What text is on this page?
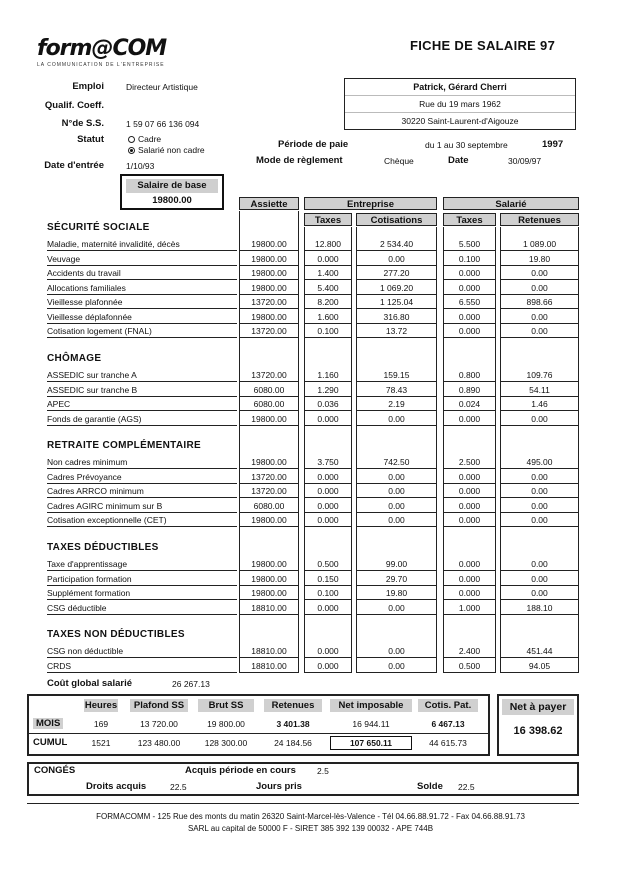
form@COM
LA COMMUNICATION DE L'ENTREPRISE
FICHE DE SALAIRE 97
Emploi	Directeur Artistique
Qualif. Coeff.
N°de S.S.	1 59 07 66 136 094
Statut	Cadre
Salarié non cadre
Date d'entrée	1/10/93
Patrick, Gérard Cherri
Rue du 19 mars 1962
30220 Saint-Laurent-d'Aigouze
Période de paie	du 1 au 30 septembre	1997
Mode de règlement	Chèque	Date	30/09/97
Salaire de base
19800.00	Assiette	Entreprise	Salarié
Taxes	Cotisations	Taxes	Retenues
SÉCURITÉ SOCIALE
Maladie, maternité invalidité, décès	19800.00	12.800	2 534.40	5.500	1 089.00
Veuvage	19800.00	0.000	0.00	0.100	19.80
Accidents du travail	19800.00	1.400	277.20	0.000	0.00
Allocations familiales	19800.00	5.400	1 069.20	0.000	0.00
Vieillesse plafonnée	13720.00	8.200	1 125.04	6.550	898.66
Vieillesse déplafonnée	19800.00	1.600	316.80	0.000	0.00
Cotisation logement (FNAL)	13720.00	0.100	13.72	0.000	0.00
CHÔMAGE
ASSEDIC sur tranche A	13720.00	1.160	159.15	0.800	109.76
ASSEDIC sur tranche B	6080.00	1.290	78.43	0.890	54.11
APEC	6080.00	0.036	2.19	0.024	1.46
Fonds de garantie (AGS)	19800.00	0.000	0.00	0.000	0.00
RETRAITE COMPLÉMENTAIRE
Non cadres minimum	19800.00	3.750	742.50	2.500	495.00
Cadres Prévoyance	13720.00	0.000	0.00	0.000	0.00
Cadres ARRCO minimum	13720.00	0.000	0.00	0.000	0.00
Cadres AGIRC minimum sur B	6080.00	0.000	0.00	0.000	0.00
Cotisation exceptionnelle (CET)	19800.00	0.000	0.00	0.000	0.00
TAXES DÉDUCTIBLES
Taxe d'apprentissage	19800.00	0.500	99.00	0.000	0.00
Participation formation	19800.00	0.150	29.70	0.000	0.00
Supplément formation	19800.00	0.100	19.80	0.000	0.00
CSG déductible	18810.00	0.000	0.00	1.000	188.10
TAXES NON DÉDUCTIBLES
CSG non déductible	18810.00	0.000	0.00	2.400	451.44
CRDS	18810.00	0.000	0.00	0.500	94.05
Coût global salarié	26 267.13
Heures	Plafond SS	Brut SS	Retenues	Net imposable	Cotis. Pat.
MOIS	169	13 720.00	19 800.00	3 401.38	16 944.11	6 467.13
CUMUL	1521	123 480.00	128 300.00	24 184.56	107 650.11	44 615.73
Net à payer
16 398.62
CONGÉS	Acquis période en cours 2.5
Droits acquis	22.5	Jours pris	Solde 22.5
FORMACOMM - 125 Rue des monts du matin 26320 Saint-Marcel-lès-Valence - Tél 04.66.88.91.72 - Fax 04.66.88.91.73
SARL au capital de 50000 F - SIRET 385 392 139 00032 - APE 744B
